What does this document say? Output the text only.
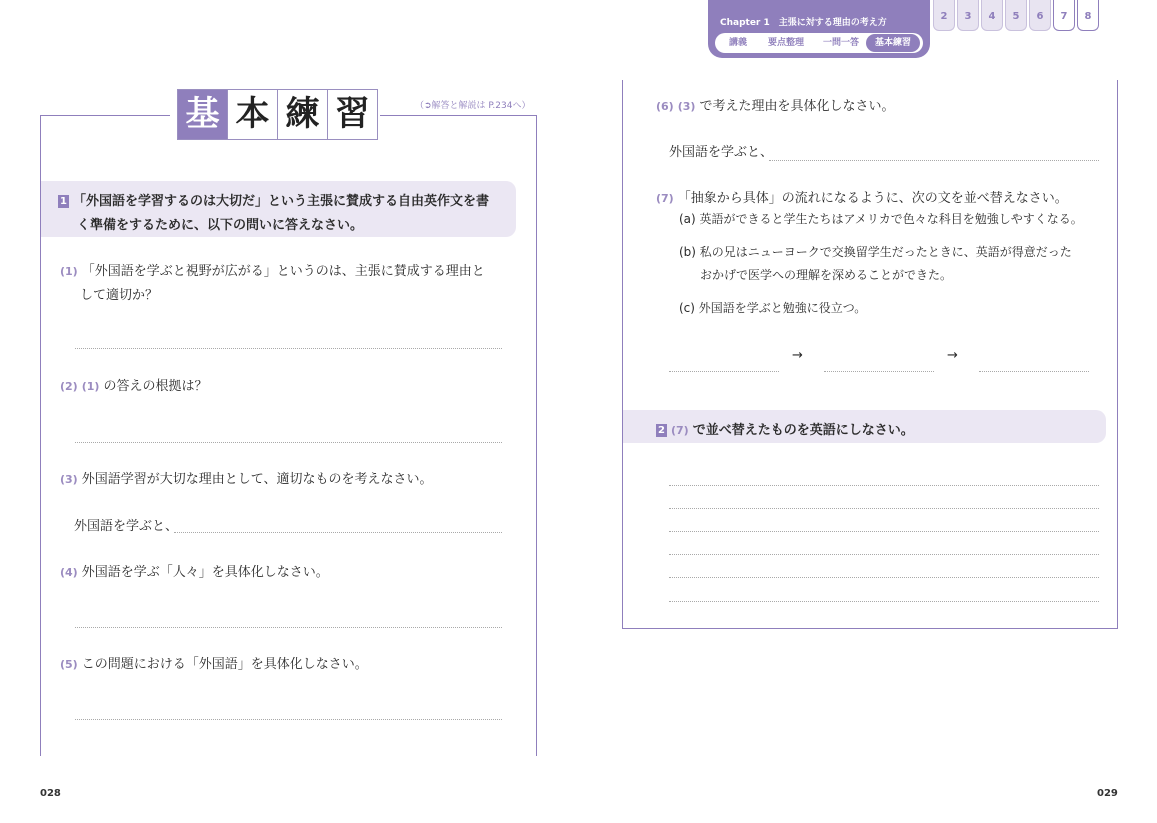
Chapter 1　主張に対する理由の考え方
講義	要点整理	一問一答	基本練習
2	3	4	5	6	7	8
基 本 練 習	（➲解答と解説は P.234へ）
1 「外国語を学習するのは大切だ」という主張に賛成する自由英作文を書
く準備をするために、以下の問いに答えなさい。
(1) 「外国語を学ぶと視野が広がる」というのは、主張に賛成する理由と
して適切か？
(2) (1) の答えの根拠は？
(3) 外国語学習が大切な理由として、適切なものを考えなさい。
外国語を学ぶと、
(4) 外国語を学ぶ「人々」を具体化しなさい。
(5) この問題における「外国語」を具体化しなさい。
(6) (3) で考えた理由を具体化しなさい。
外国語を学ぶと、
(7) 「抽象から具体」の流れになるように、次の文を並べ替えなさい。
(a) 英語ができると学生たちはアメリカで色々な科目を勉強しやすくなる。
(b) 私の兄はニューヨークで交換留学生だったときに、英語が得意だった
おかげで医学への理解を深めることができた。
(c) 外国語を学ぶと勉強に役立つ。
→	→
2 (7) で並べ替えたものを英語にしなさい。
028	029
